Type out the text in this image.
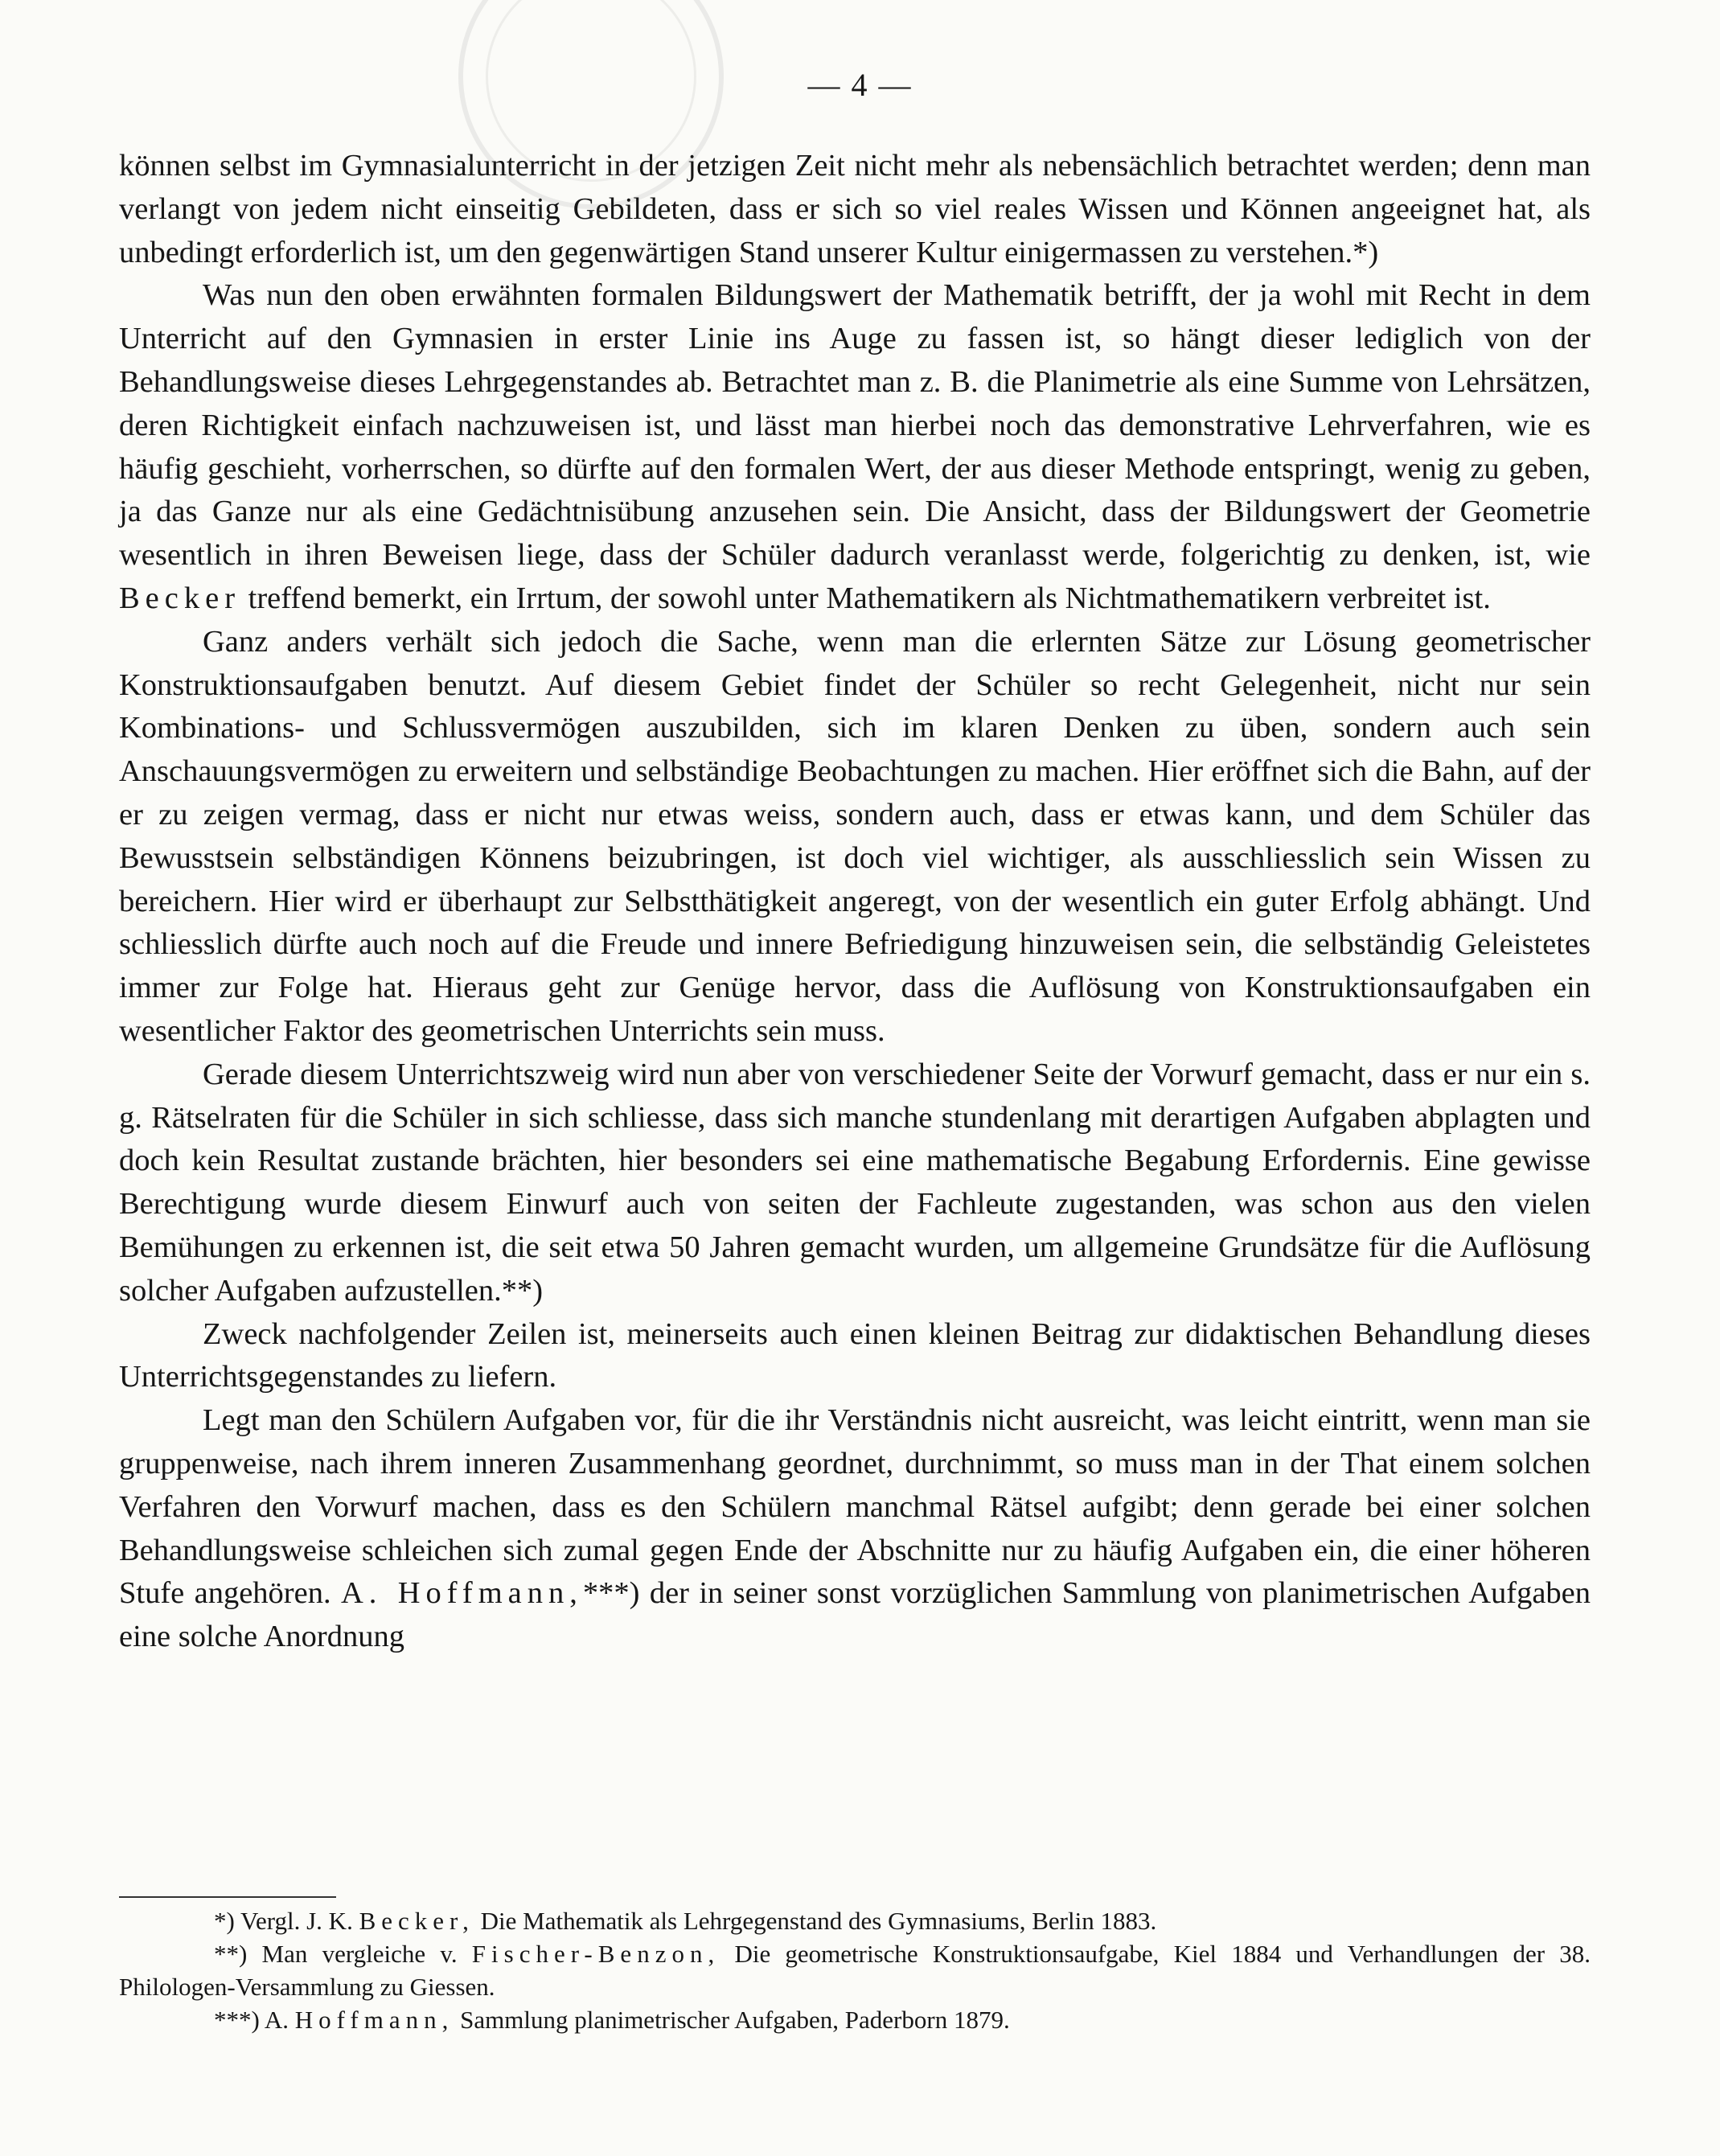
— 4 —

können selbst im Gymnasialunterricht in der jetzigen Zeit nicht mehr als nebensächlich betrachtet werden; denn man verlangt von jedem nicht einseitig Gebildeten, dass er sich so viel reales Wissen und Können angeeignet hat, als unbedingt erforderlich ist, um den gegenwärtigen Stand unserer Kultur einigermassen zu verstehen.*)

Was nun den oben erwähnten formalen Bildungswert der Mathematik betrifft, der ja wohl mit Recht in dem Unterricht auf den Gymnasien in erster Linie ins Auge zu fassen ist, so hängt dieser lediglich von der Behandlungsweise dieses Lehrgegenstandes ab. Betrachtet man z. B. die Planimetrie als eine Summe von Lehrsätzen, deren Richtigkeit einfach nachzuweisen ist, und lässt man hierbei noch das demonstrative Lehrverfahren, wie es häufig geschieht, vorherrschen, so dürfte auf den formalen Wert, der aus dieser Methode entspringt, wenig zu geben, ja das Ganze nur als eine Gedächtnisübung anzusehen sein. Die Ansicht, dass der Bildungswert der Geometrie wesentlich in ihren Beweisen liege, dass der Schüler dadurch veranlasst werde, folgerichtig zu denken, ist, wie Becker treffend bemerkt, ein Irrtum, der sowohl unter Mathematikern als Nichtmathematikern verbreitet ist.

Ganz anders verhält sich jedoch die Sache, wenn man die erlernten Sätze zur Lösung geometrischer Konstruktionsaufgaben benutzt. Auf diesem Gebiet findet der Schüler so recht Gelegenheit, nicht nur sein Kombinations- und Schlussvermögen auszubilden, sich im klaren Denken zu üben, sondern auch sein Anschauungsvermögen zu erweitern und selbständige Beobachtungen zu machen. Hier eröffnet sich die Bahn, auf der er zu zeigen vermag, dass er nicht nur etwas weiss, sondern auch, dass er etwas kann, und dem Schüler das Bewusstsein selbständigen Könnens beizubringen, ist doch viel wichtiger, als ausschliesslich sein Wissen zu bereichern. Hier wird er überhaupt zur Selbstthätigkeit angeregt, von der wesentlich ein guter Erfolg abhängt. Und schliesslich dürfte auch noch auf die Freude und innere Befriedigung hinzuweisen sein, die selbständig Geleistetes immer zur Folge hat. Hieraus geht zur Genüge hervor, dass die Auflösung von Konstruktionsaufgaben ein wesentlicher Faktor des geometrischen Unterrichts sein muss.

Gerade diesem Unterrichtszweig wird nun aber von verschiedener Seite der Vorwurf gemacht, dass er nur ein s. g. Rätselraten für die Schüler in sich schliesse, dass sich manche stundenlang mit derartigen Aufgaben abplagten und doch kein Resultat zustande brächten, hier besonders sei eine mathematische Begabung Erfordernis. Eine gewisse Berechtigung wurde diesem Einwurf auch von seiten der Fachleute zugestanden, was schon aus den vielen Bemühungen zu erkennen ist, die seit etwa 50 Jahren gemacht wurden, um allgemeine Grundsätze für die Auflösung solcher Aufgaben aufzustellen.**)

Zweck nachfolgender Zeilen ist, meinerseits auch einen kleinen Beitrag zur didaktischen Behandlung dieses Unterrichtsgegenstandes zu liefern.

Legt man den Schülern Aufgaben vor, für die ihr Verständnis nicht ausreicht, was leicht eintritt, wenn man sie gruppenweise, nach ihrem inneren Zusammenhang geordnet, durchnimmt, so muss man in der That einem solchen Verfahren den Vorwurf machen, dass es den Schülern manchmal Rätsel aufgibt; denn gerade bei einer solchen Behandlungsweise schleichen sich zumal gegen Ende der Abschnitte nur zu häufig Aufgaben ein, die einer höheren Stufe angehören. A. Hoffmann,***) der in seiner sonst vorzüglichen Sammlung von planimetrischen Aufgaben eine solche Anordnung

*) Vergl. J. K. Becker, Die Mathematik als Lehrgegenstand des Gymnasiums, Berlin 1883.

**) Man vergleiche v. Fischer-Benzon, Die geometrische Konstruktionsaufgabe, Kiel 1884 und Verhandlungen der 38. Philologen-Versammlung zu Giessen.

***) A. Hoffmann, Sammlung planimetrischer Aufgaben, Paderborn 1879.
